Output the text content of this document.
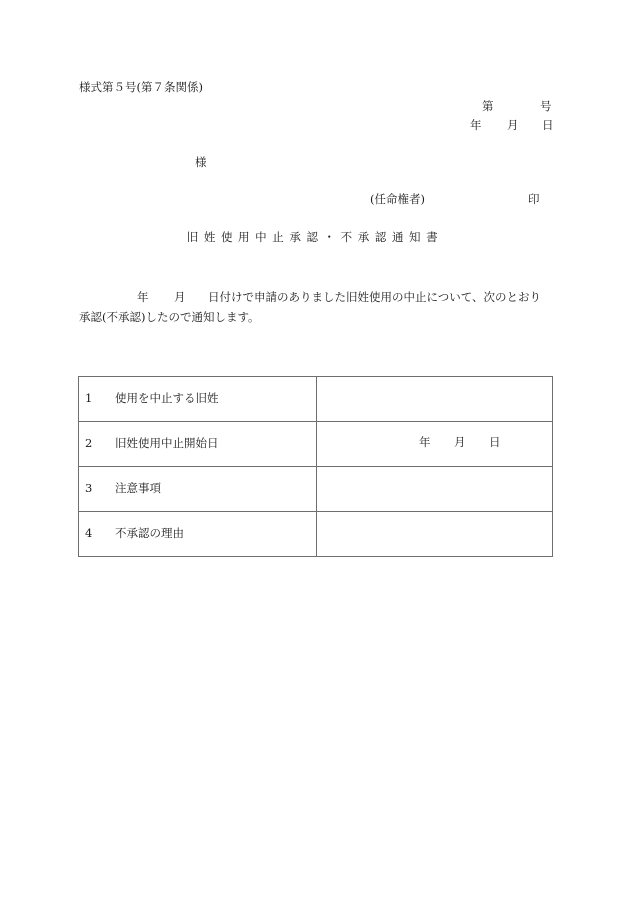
様式第５号(第７条関係)
第	号
年 月 日
様
(任命権者)	印
旧姓使用中止承認・不承認通知書
年 月 日付けで申請のありました旧姓使用の中止について、次のとおり
承認(不承認)したので通知します。
1 使用を中止する旧姓	
2 旧姓使用中止開始日	年 月 日

3 注意事項	
4 不承認の理由	
